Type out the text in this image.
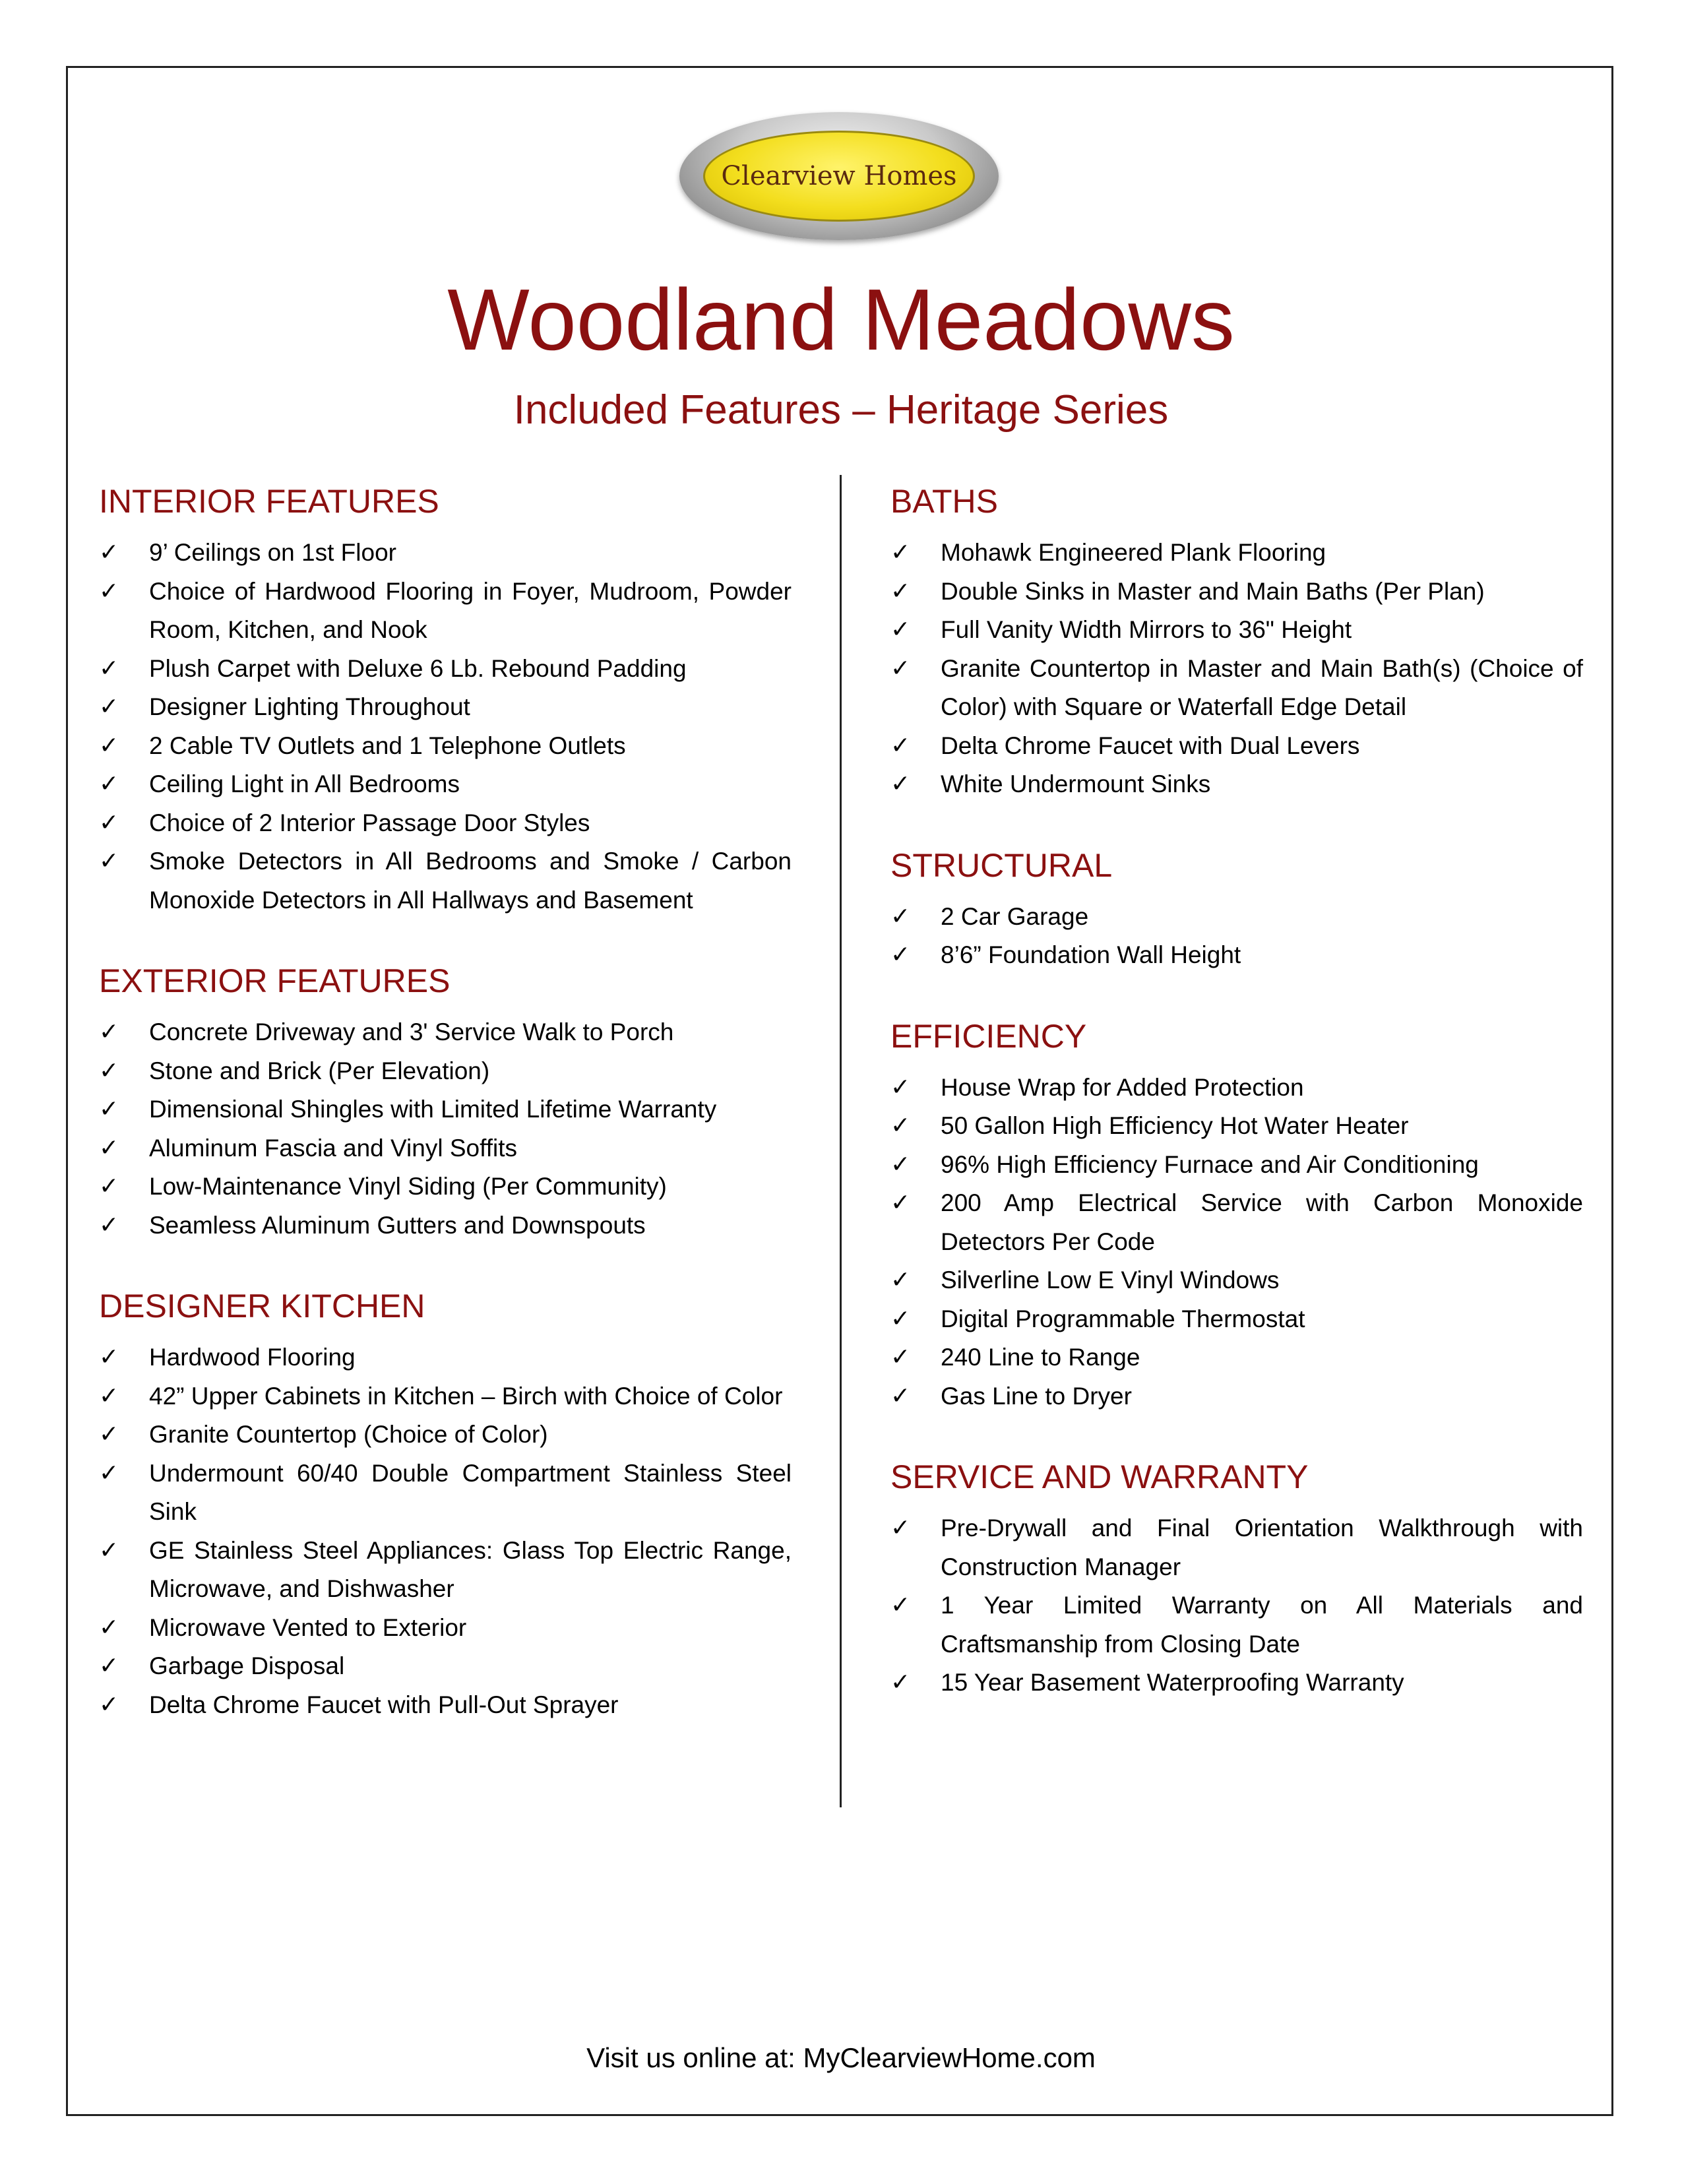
Clearview Homes
Woodland Meadows
Included Features – Heritage Series
INTERIOR FEATURES
✓	9’ Ceilings on 1st Floor
✓	Choice of Hardwood Flooring in Foyer, Mudroom, Powder Room, Kitchen, and Nook
✓	Plush Carpet with Deluxe 6 Lb. Rebound Padding
✓	Designer Lighting Throughout
✓	2 Cable TV Outlets and 1 Telephone Outlets
✓	Ceiling Light in All Bedrooms
✓	Choice of 2 Interior Passage Door Styles
✓	Smoke Detectors in All Bedrooms and Smoke / Carbon Monoxide Detectors in All Hallways and Basement
EXTERIOR FEATURES
✓	Concrete Driveway and 3' Service Walk to Porch
✓	Stone and Brick (Per Elevation)
✓	Dimensional Shingles with Limited Lifetime Warranty
✓	Aluminum Fascia and Vinyl Soffits
✓	Low-Maintenance Vinyl Siding (Per Community)
✓	Seamless Aluminum Gutters and Downspouts
DESIGNER KITCHEN
✓	Hardwood Flooring
✓	42” Upper Cabinets in Kitchen – Birch with Choice of Color
✓	Granite Countertop (Choice of Color)
✓	Undermount 60/40 Double Compartment Stainless Steel Sink
✓	GE Stainless Steel Appliances: Glass Top Electric Range, Microwave, and Dishwasher
✓	Microwave Vented to Exterior
✓	Garbage Disposal
✓	Delta Chrome Faucet with Pull-Out Sprayer
BATHS
✓	Mohawk Engineered Plank Flooring
✓	Double Sinks in Master and Main Baths (Per Plan)
✓	Full Vanity Width Mirrors to 36" Height
✓	Granite Countertop in Master and Main Bath(s) (Choice of Color) with Square or Waterfall Edge Detail
✓	Delta Chrome Faucet with Dual Levers
✓	White Undermount Sinks
STRUCTURAL
✓	2 Car Garage
✓	8’6” Foundation Wall Height
EFFICIENCY
✓	House Wrap for Added Protection
✓	50 Gallon High Efficiency Hot Water Heater
✓	96% High Efficiency Furnace and Air Conditioning
✓	200 Amp Electrical Service with Carbon Monoxide Detectors Per Code
✓	Silverline Low E Vinyl Windows
✓	Digital Programmable Thermostat
✓	240 Line to Range
✓	Gas Line to Dryer
SERVICE AND WARRANTY
✓	Pre-Drywall and Final Orientation Walkthrough with Construction Manager
✓	1 Year Limited Warranty on All Materials and Craftsmanship from Closing Date
✓	15 Year Basement Waterproofing Warranty
Visit us online at: MyClearviewHome.com
